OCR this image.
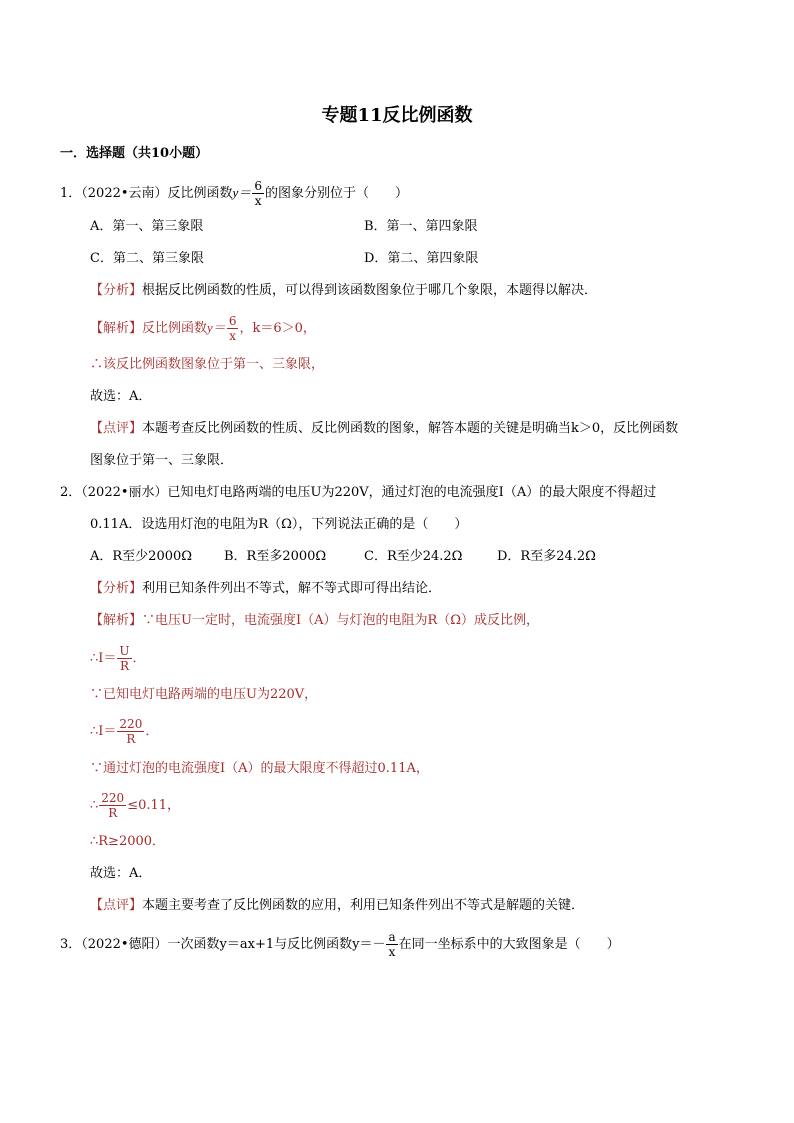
专题11反比例函数
一．选择题（共10小题）
1．（2022•云南）反比例函数$y= \frac{6}{x}$ 的图象分别位于（　　）
A．第一、第三象限	B．第一、第四象限
C．第二、第三象限	D．第二、第四象限
【分析】根据反比例函数的性质，可以得到该函数图象位于哪几个象限，本题得以解决．
【解析】反比例函数$y= \frac{6}{x}$ ，k＝6＞0，
∴该反比例函数图象位于第一、三象限，
故选：A．
【点评】本题考查反比例函数的性质、反比例函数的图象，解答本题的关键是明确当k＞0，反比例函数
图象位于第一、三象限．
2．（2022•丽水）已知电灯电路两端的电压U为220V，通过灯泡的电流强度I（A）的最大限度不得超过
0.11A．设选用灯泡的电阻为R（Ω），下列说法正确的是（　　）
A．R至少2000Ω B．R至多2000Ω	C．R至少24.2Ω	D．R至多24.2Ω
【分析】利用已知条件列出不等式，解不等式即可得出结论．
【解析】∵电压U一定时，电流强度I（A）与灯泡的电阻为R（Ω）成反比例，
∴I＝ $\frac{U}{R}$ ．
∵已知电灯电路两端的电压U为220V，
∴I＝ $\frac{220}{R}$ ．
∵通过灯泡的电流强度I（A）的最大限度不得超过0.11A，
∴ $\frac{220}{R} \le 0.11$，
∴R≥2000．
故选：A．
【点评】本题主要考查了反比例函数的应用，利用已知条件列出不等式是解题的关键．
3．（2022•德阳）一次函数y＝ax+1与反比例函数$y=- \frac{a}{x}$ 在同一坐标系中的大致图象是（　　）
